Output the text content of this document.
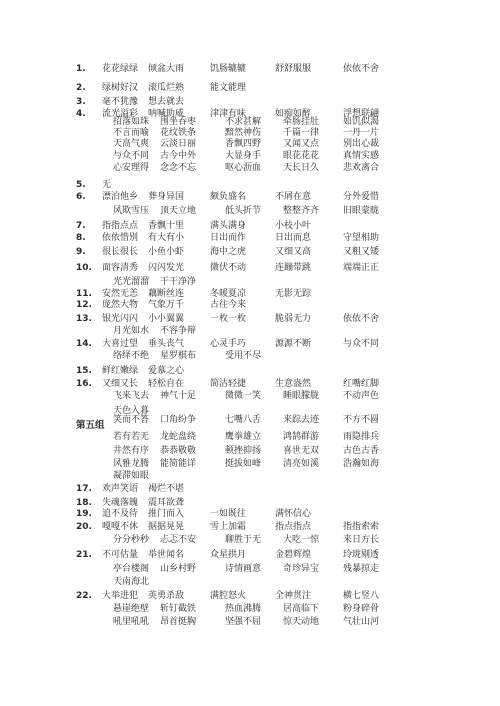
1. 花花绿绿 倾盆大雨	饥肠辘辘	舒舒服服	依依不舍
2. 绿树好汉 滚瓜烂熟	能文能理
3. 毫不犹豫 想去就去
4. 流光溢彩 呐喊助威	津津有味	如痴如醉	浮想联翩
招落如珠 围坐吞枣	不求甚解 牵肠挂肚	如饥似渴
不言而喻 花纹铁条	黯然神伤 千篇一律	一丹一片
天高气爽 云淡日丽	香飘四野 又闻又点	别出心裁
与众不同 古今中外	大显身手 眼花花花	真情实感
心安理得 念念不忘	呕心沥血 天长日久	悲欢离合
5. 无
6. 漂泊他乡 葬身异国	颇负盛名	不屑在意	分外爱惜
风欺雪压 顶天立地	低头折节 整整齐齐	旧眼蒙眬
7. 指指点点 香飘十里	满头满身	小枝小叶
8. 依依惜别 有大有小	日出而作	日出而息	守望相助
9. 很长很长 小鱼小虾	海中之虎	又细又高	又粗又矮
10. 面容清秀 闪闪发光	微伏不动	连蹦带跳	端端正正
光光溜溜 干干净净
11. 安然无恙 藕断丝连	冬暖夏凉	无影无踪
12. 庞然大物 气象万千	古往今来
13. 银光闪闪 小小翼翼	一枚一枚	脆弱无力	依依不舍
月光如水 不容争辩
14. 大喜过望 垂头丧气	心灵手巧	源源不断	与众不同
络绎不绝 星罗棋布	受用不尽
15. 鲜红嫩绿 爱慕之心
16. 又细又长 轻松自在	简洁轻捷	生意盎然	红嘴红脚
飞来飞去 神气十足	微微一笑 睡眼朦胧	不动声色
天色入暮
第五组 笑而不答 口角纷争	七嘴八舌 来踪去迹	不方不圆
若有若无 龙蛇盘绕	鹰拳雄立 鸿鹄群游	雨隐排兵
井然有序 恭恭敬敬	顿挫抑扬 喜世无双	古色古香
风雅龙腾 能简能详	挺拔如峰 清亮如溪	浩瀚如海
凝滞如眼
17. 欢声笑语 褐烂不堪
18. 失魂落魄 震耳欲聋
19. 追不及待 推门而入	一如既往	满怀信心
20. 嘎嘎不休 据据晃晃	雪上加霜	指点指点	指指索索
分分秒秒 忐忑不安	聊胜于无 大吃一惊	来日方长
21. 不可估量 举世闻名	众星拱月	金碧辉煌	玲珑剔透
亭台楼阁 山乡村野	诗情画意 奇珍异宝	残暴掠走
天南海北
22. 大举进犯 英勇杀敌	满腔怒火	全神贯注	横七竖八
悬崖绝壁 斩钉截铁	热血沸腾 居高临下	粉身碎骨
吼里吼吼 昂首挺胸	坚强不屈 惊天动地	气壮山河
